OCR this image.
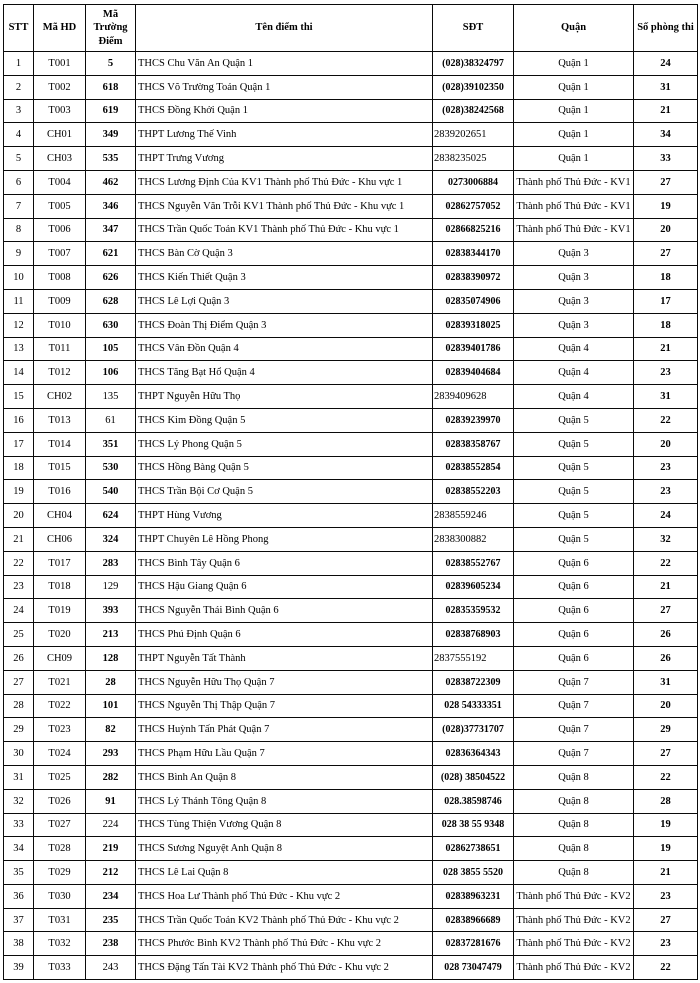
STT	Mã HD	Mã Trường Điểm	Tên điểm thi	SĐT	Quận	Số phòng thi
1	T001	5	THCS Chu Văn An Quận 1	(028)38324797	Quận 1	24
2	T002	618	THCS Võ Trường Toản Quận 1	(028)39102350	Quận 1	31
3	T003	619	THCS Đồng Khởi Quận 1	(028)38242568	Quận 1	21
4	CH01	349	THPT Lương Thế Vinh	2839202651	Quận 1	34
5	CH03	535	THPT Trưng Vương	2838235025	Quận 1	33
6	T004	462	THCS Lương Định Của KV1 Thành phố Thủ Đức - Khu vực 1	0273006884	Thành phố Thủ Đức - KV1	27
7	T005	346	THCS Nguyễn Văn Trỗi KV1 Thành phố Thủ Đức - Khu vực 1	02862757052	Thành phố Thủ Đức - KV1	19
8	T006	347	THCS Trần Quốc Toản KV1 Thành phố Thủ Đức - Khu vực 1	02866825216	Thành phố Thủ Đức - KV1	20
9	T007	621	THCS Bàn Cờ Quận 3	02838344170	Quận 3	27
10	T008	626	THCS Kiến Thiết Quận 3	02838390972	Quận 3	18
11	T009	628	THCS Lê Lợi Quận 3	02835074906	Quận 3	17
12	T010	630	THCS Đoàn Thị Điểm Quận 3	02839318025	Quận 3	18
13	T011	105	THCS Vân Đồn Quận 4	02839401786	Quận 4	21
14	T012	106	THCS Tăng Bạt Hổ Quận 4	02839404684	Quận 4	23
15	CH02	135	THPT Nguyễn Hữu Thọ	2839409628	Quận 4	31
16	T013	61	THCS Kim Đồng Quận 5	02839239970	Quận 5	22
17	T014	351	THCS Lý Phong Quận 5	02838358767	Quận 5	20
18	T015	530	THCS Hồng Bàng Quận 5	02838552854	Quận 5	23
19	T016	540	THCS Trần Bội Cơ Quận 5	02838552203	Quận 5	23
20	CH04	624	THPT Hùng Vương	2838559246	Quận 5	24
21	CH06	324	THPT Chuyên Lê Hồng Phong	2838300882	Quận 5	32
22	T017	283	THCS Bình Tây Quận 6	02838552767	Quận 6	22
23	T018	129	THCS Hậu Giang Quận 6	02839605234	Quận 6	21
24	T019	393	THCS Nguyễn Thái Bình Quận 6	02835359532	Quận 6	27
25	T020	213	THCS Phú Định Quận 6	02838768903	Quận 6	26
26	CH09	128	THPT Nguyễn Tất Thành	2837555192	Quận 6	26
27	T021	28	THCS Nguyễn Hữu Thọ Quận 7	02838722309	Quận 7	31
28	T022	101	THCS Nguyễn Thị Thập Quận 7	028 54333351	Quận 7	20
29	T023	82	THCS Huỳnh Tấn Phát Quận 7	(028)37731707	Quận 7	29
30	T024	293	THCS Phạm Hữu Lầu Quận 7	02836364343	Quận 7	27
31	T025	282	THCS Bình An Quận 8	(028) 38504522	Quận 8	22
32	T026	91	THCS Lý Thánh Tông Quận 8	028.38598746	Quận 8	28
33	T027	224	THCS Tùng Thiện Vương Quận 8	028 38 55 9348	Quận 8	19
34	T028	219	THCS Sương Nguyệt Anh Quận 8	02862738651	Quận 8	19
35	T029	212	THCS Lê Lai Quận 8	028 3855 5520	Quận 8	21
36	T030	234	THCS Hoa Lư Thành phố Thủ Đức - Khu vực 2	02838963231	Thành phố Thủ Đức - KV2	23
37	T031	235	THCS Trần Quốc Toản KV2 Thành phố Thủ Đức - Khu vực 2	02838966689	Thành phố Thủ Đức - KV2	27
38	T032	238	THCS Phước Bình KV2 Thành phố Thủ Đức - Khu vực 2	02837281676	Thành phố Thủ Đức - KV2	23
39	T033	243	THCS Đặng Tấn Tài KV2 Thành phố Thủ Đức - Khu vực 2	028 73047479	Thành phố Thủ Đức - KV2	22
